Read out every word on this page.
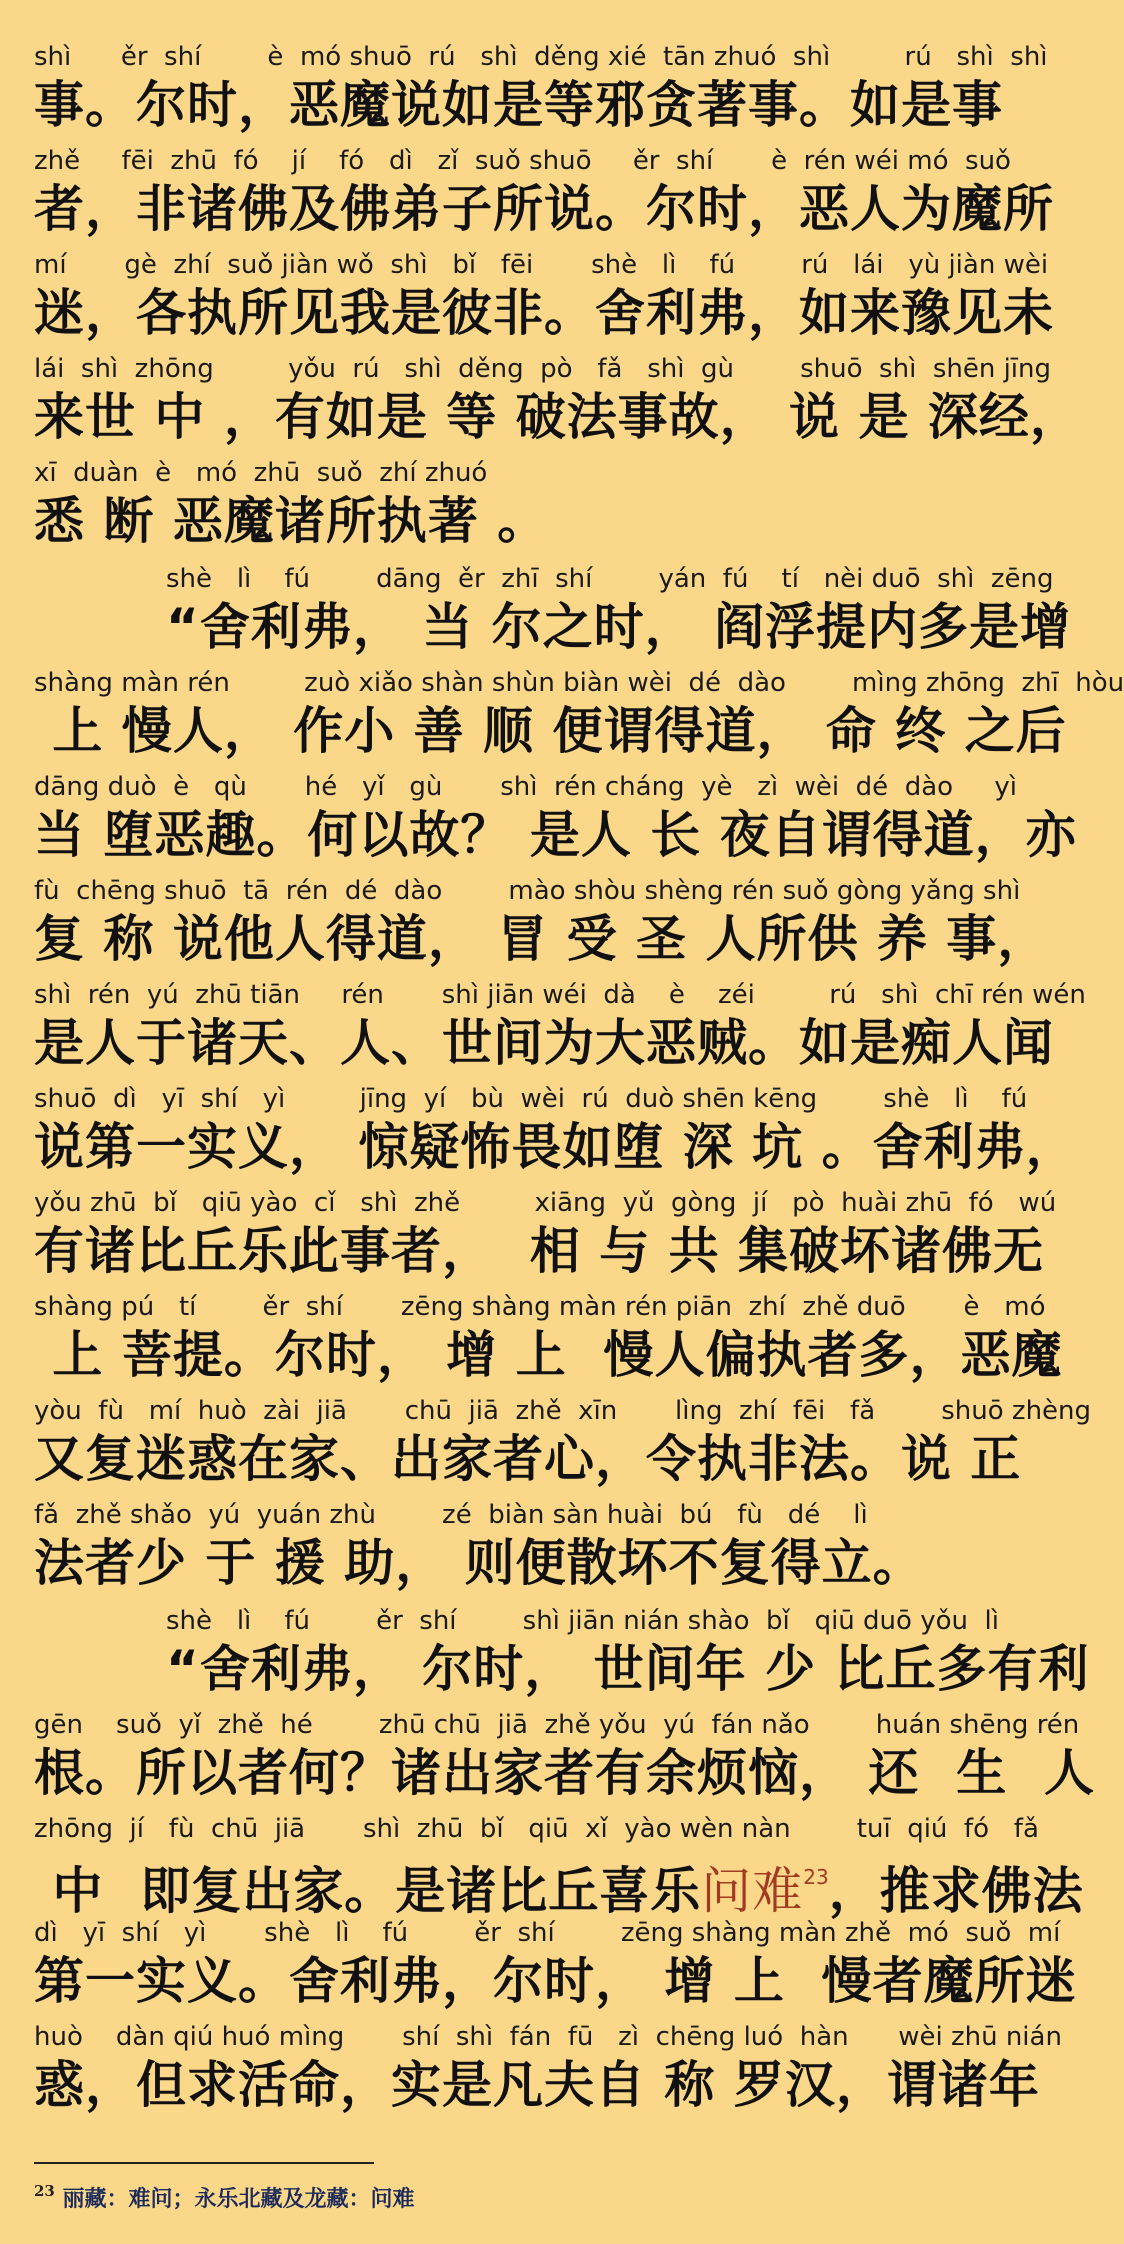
shì      ěr  shí        è  mó shuō  rú   shì  děng xié  tān zhuó  shì         rú   shì  shì
事。尔时，恶魔说如是等邪贪著事。如是事
zhě     fēi  zhū  fó    jí    fó   dì   zǐ  suǒ shuō     ěr  shí       è  rén wéi mó  suǒ
者，非诸佛及佛弟子所说。尔时，恶人为魔所
mí       gè  zhí  suǒ jiàn wǒ  shì   bǐ   fēi       shè   lì    fú        rú   lái   yù jiàn wèi
迷，各执所见我是彼非。舍利弗，如来豫见未
lái  shì  zhōng         yǒu  rú   shì  děng  pò   fǎ   shì  gù        shuō  shì  shēn jīng
来世 中 ，有如是 等 破法事故， 说 是 深经，
xī  duàn  è   mó  zhū  suǒ  zhí zhuó
悉 断 恶魔诸所执著 。
shè   lì    fú        dāng  ěr  zhī  shí        yán  fú    tí   nèi duō  shì  zēng
“舍利弗， 当 尔之时， 阎浮提内多是增
shàng màn rén         zuò xiǎo shàn shùn biàn wèi  dé  dào        mìng zhōng  zhī  hòu
上 慢人， 作小 善 顺 便谓得道， 命 终 之后
dāng duò  è   qù       hé   yǐ   gù       shì  rén cháng  yè   zì  wèi  dé  dào     yì
当 堕恶趣。何以故？ 是人 长 夜自谓得道，亦
fù  chēng shuō  tā  rén  dé  dào        mào shòu shèng rén suǒ gòng yǎng shì
复 称 说他人得道， 冒 受 圣 人所供 养 事，
shì  rén  yú  zhū tiān     rén       shì jiān wéi  dà    è    zéi         rú   shì  chī rén wén
是人于诸天、人、世间为大恶贼。如是痴人闻
shuō  dì   yī  shí   yì         jīng  yí   bù  wèi  rú  duò shēn kēng        shè   lì    fú
说第一实义， 惊疑怖畏如堕 深 坑 。舍利弗，
yǒu zhū  bǐ   qiū yào  cǐ   shì  zhě         xiāng  yǔ  gòng  jí   pò  huài zhū  fó   wú
有诸比丘乐此事者，  相 与 共 集破坏诸佛无
shàng pú   tí        ěr  shí       zēng shàng màn rén piān  zhí  zhě duō       è   mó
上 菩提。尔时， 增 上  慢人偏执者多，恶魔
yòu  fù   mí  huò  zài  jiā       chū  jiā  zhě  xīn       lìng  zhí  fēi   fǎ        shuō zhèng
又复迷惑在家、出家者心，令执非法。说 正
fǎ  zhě shǎo  yú  yuán zhù        zé  biàn sàn huài  bú   fù   dé    lì
法者少 于 援 助， 则便散坏不复得立。
shè   lì    fú        ěr  shí        shì jiān nián shào  bǐ   qiū duō yǒu  lì
“舍利弗， 尔时， 世间年 少 比丘多有利
gēn    suǒ  yǐ  zhě  hé        zhū chū  jiā  zhě yǒu  yú  fán nǎo        huán shēng rén
根。所以者何？诸出家者有余烦恼， 还  生  人
zhōng  jí   fù  chū  jiā       shì  zhū  bǐ   qiū  xǐ  yào wèn nàn        tuī  qiú  fó   fǎ
中  即复出家。是诸比丘喜乐问难$^{23}$，推求佛法
dì   yī  shí   yì       shè   lì    fú        ěr  shí        zēng shàng màn zhě  mó  suǒ  mí
第一实义。舍利弗，尔时， 增 上  慢者魔所迷
huò    dàn qiú huó mìng       shí  shì  fán  fū   zì  chēng luó  hàn      wèi zhū nián
惑，但求活命，实是凡夫自 称 罗汉，谓诸年
$^{23}$ 丽藏：难问；永乐北藏及龙藏：问难
